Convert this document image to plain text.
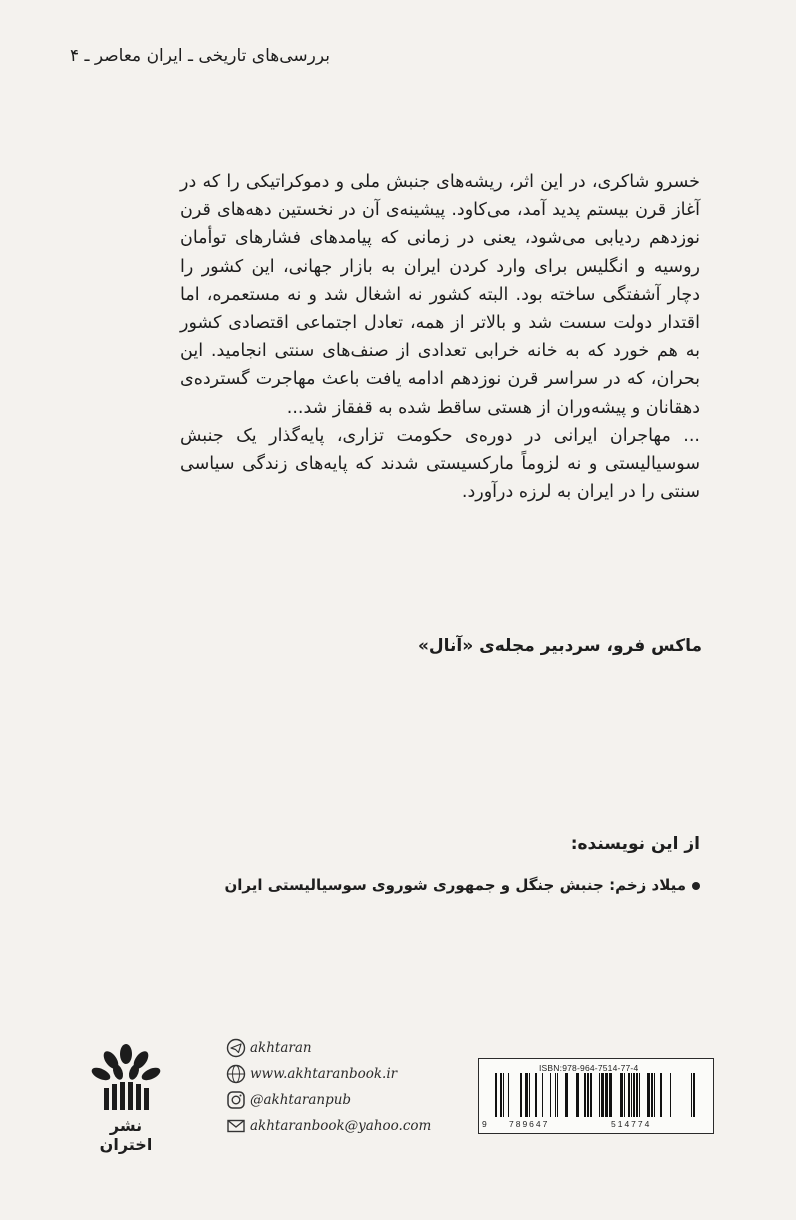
بررسی‌های تاریخی ـ ایران معاصر ـ ۴

خسرو شاکری، در این اثر، ریشه‌های جنبش ملی و دموکراتیکی را که در آغاز قرن بیستم پدید آمد، می‌کاود. پیشینه‌ی آن در نخستین دهه‌های قرن نوزدهم ردیابی می‌شود، یعنی در زمانی که پیامدهای فشارهای توأمان روسیه و انگلیس برای وارد کردن ایران به بازار جهانی، این کشور را دچار آشفتگی ساخته بود. البته کشور نه اشغال شد و نه مستعمره، اما اقتدار دولت سست شد و بالاتر از همه، تعادل اجتماعی اقتصادی کشور به هم خورد که به خانه خرابی تعدادی از صنف‌های سنتی انجامید. این بحران، که در سراسر قرن نوزدهم ادامه یافت باعث مهاجرت گسترده‌ی دهقانان و پیشه‌وران از هستی ساقط شده به قفقاز شد...

... مهاجران ایرانی در دوره‌ی حکومت تزاری، پایه‌گذار یک جنبش سوسیالیستی و نه لزوماً مارکسیستی شدند که پایه‌های زندگی سیاسی سنتی را در ایران به لرزه درآورد.

ماکس فرو، سردبیر مجله‌ی «آنال»
از این نویسنده:
میلاد زخم: جنبش جنگل و جمهوری شوروی سوسیالیستی ایران
akhtaran
www.akhtaranbook.ir
@akhtaranpub
akhtaranbook@yahoo.com
ISBN:978-964-7514-77-4
9	789647	514774
نشر اختران
